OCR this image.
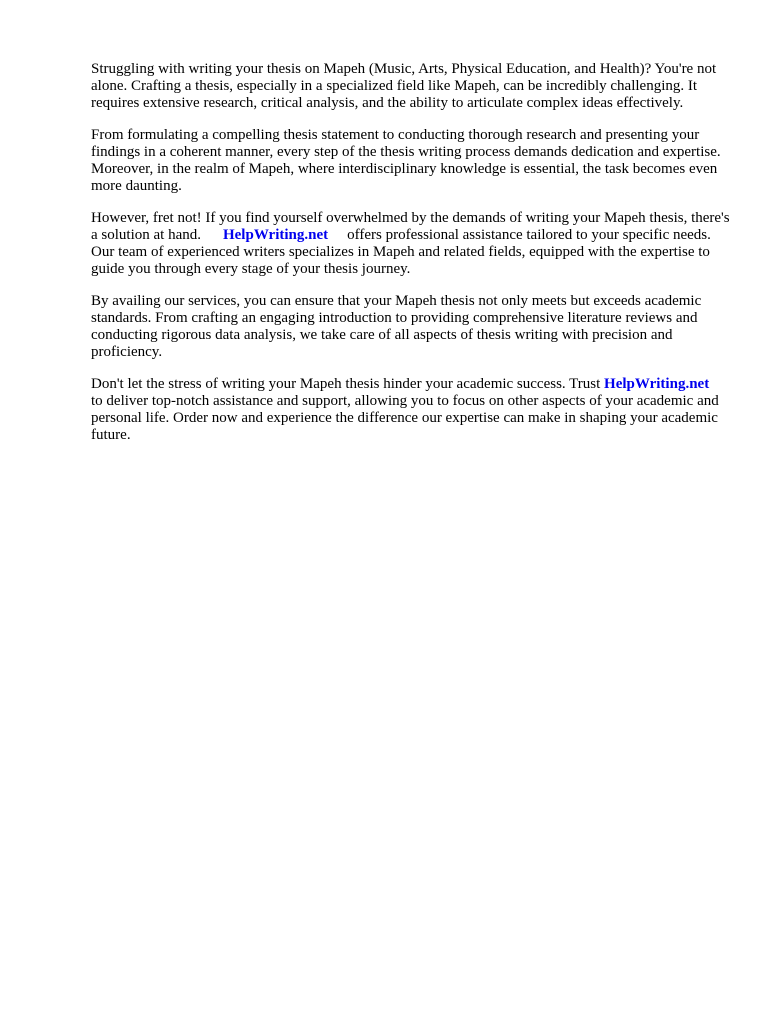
Struggling with writing your thesis on Mapeh (Music, Arts, Physical Education, and Health)? You're not alone. Crafting a thesis, especially in a specialized field like Mapeh, can be incredibly challenging. It requires extensive research, critical analysis, and the ability to articulate complex ideas effectively.

From formulating a compelling thesis statement to conducting thorough research and presenting your findings in a coherent manner, every step of the thesis writing process demands dedication and expertise. Moreover, in the realm of Mapeh, where interdisciplinary knowledge is essential, the task becomes even more daunting.

However, fret not! If you find yourself overwhelmed by the demands of writing your Mapeh thesis, there's a solution at hand. HelpWriting.net offers professional assistance tailored to your specific needs. Our team of experienced writers specializes in Mapeh and related fields, equipped with the expertise to guide you through every stage of your thesis journey.

By availing our services, you can ensure that your Mapeh thesis not only meets but exceeds academic standards. From crafting an engaging introduction to providing comprehensive literature reviews and conducting rigorous data analysis, we take care of all aspects of thesis writing with precision and proficiency.

Don't let the stress of writing your Mapeh thesis hinder your academic success. Trust HelpWriting.netto deliver top-notch assistance and support, allowing you to focus on other aspects of your academic and personal life. Order now and experience the difference our expertise can make in shaping your academic future.
